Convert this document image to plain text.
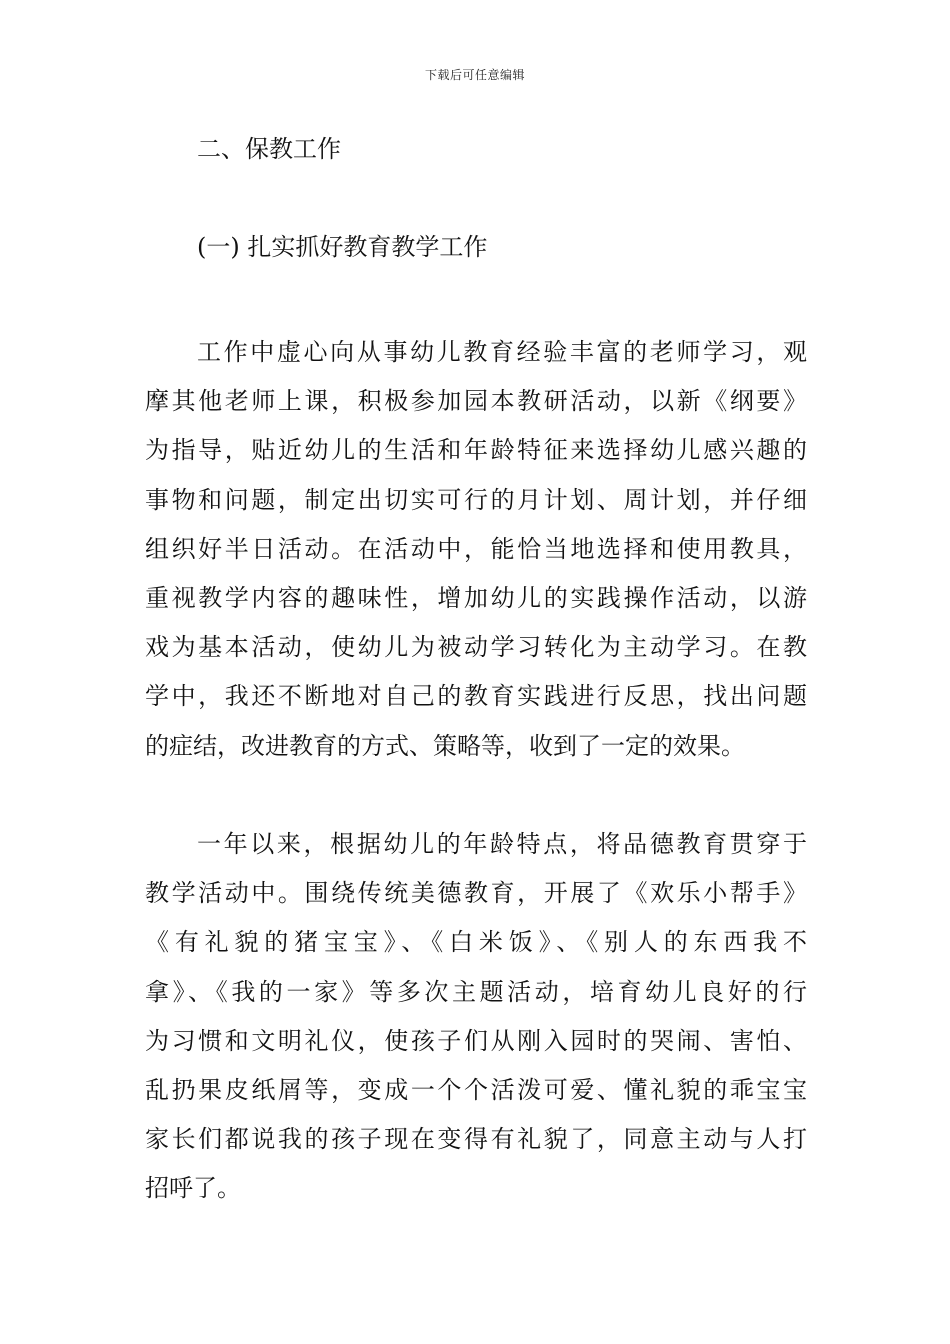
下载后可任意编辑
二、保教工作
(一) 扎实抓好教育教学工作
工作中虚心向从事幼儿教育经验丰富的老师学习，观
摩其他老师上课，积极参加园本教研活动，以新《纲要》
为指导，贴近幼儿的生活和年龄特征来选择幼儿感兴趣的
事物和问题，制定出切实可行的月计划、周计划，并仔细
组织好半日活动。在活动中，能恰当地选择和使用教具，
重视教学内容的趣味性，增加幼儿的实践操作活动，以游
戏为基本活动，使幼儿为被动学习转化为主动学习。在教
学中，我还不断地对自己的教育实践进行反思，找出问题
的症结，改进教育的方式、策略等，收到了一定的效果。
一年以来，根据幼儿的年龄特点，将品德教育贯穿于
教学活动中。围绕传统美德教育，开展了《欢乐小帮手》
《有礼貌的猪宝宝》、《白米饭》、《别人的东西我不
拿》、《我的一家》等多次主题活动，培育幼儿良好的行
为习惯和文明礼仪，使孩子们从刚入园时的哭闹、害怕、
乱扔果皮纸屑等，变成一个个活泼可爱、懂礼貌的乖宝宝
家长们都说我的孩子现在变得有礼貌了，同意主动与人打
招呼了。
